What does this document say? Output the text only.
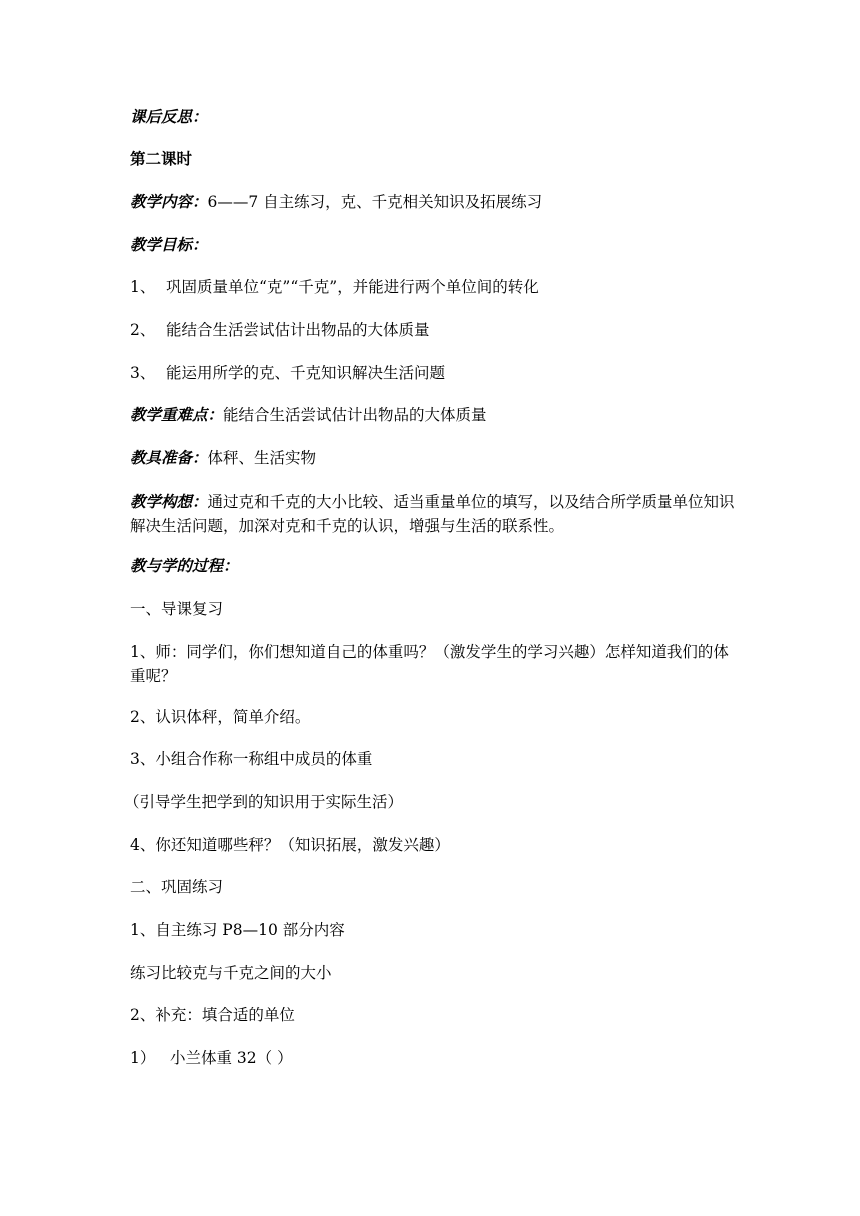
课后反思：
第二课时
教学内容：6——7 自主练习，克、千克相关知识及拓展练习
教学目标：
1、 巩固质量单位“克”“千克”，并能进行两个单位间的转化
2、 能结合生活尝试估计出物品的大体质量
3、 能运用所学的克、千克知识解决生活问题
教学重难点：能结合生活尝试估计出物品的大体质量
教具准备：体秤、生活实物
教学构想：通过克和千克的大小比较、适当重量单位的填写，以及结合所学质量单位知识解决生活问题，加深对克和千克的认识，增强与生活的联系性。
教与学的过程：
一、导课复习
1、师：同学们，你们想知道自己的体重吗？（激发学生的学习兴趣）怎样知道我们的体重呢？
2、认识体秤，简单介绍。
3、小组合作称一称组中成员的体重
（引导学生把学到的知识用于实际生活）
4、你还知道哪些秤？（知识拓展，激发兴趣）
二、巩固练习
1、自主练习 P8—10 部分内容
练习比较克与千克之间的大小
2、补充：填合适的单位
1） 小兰体重 32（ ）
